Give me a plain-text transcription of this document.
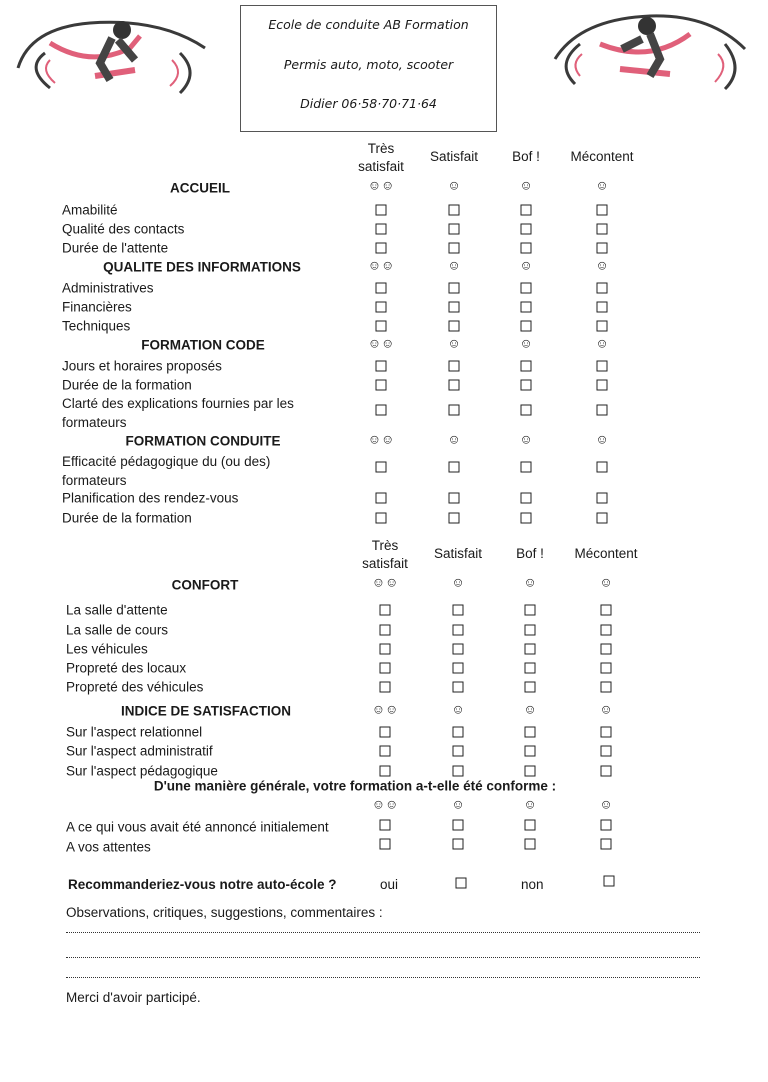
Ecole de conduite AB Formation
Permis auto, moto, scooter
Didier 06·58·70·71·64
Très
satisfait
Satisfait	Bof ! Mécontent
Très
satisfait
Satisfait	Bof ! Mécontent
ACCUEIL	☺☺	☺	☺	☺
Amabilité
Qualité des contacts
Durée de l'attente
QUALITE DES INFORMATIONS	☺☺	☺	☺	☺
Administratives
Financières
Techniques
FORMATION CODE	☺☺	☺	☺	☺
Jours et horaires proposés
Durée de la formation
Clarté des explications fournies par les formateurs
FORMATION CONDUITE	☺☺	☺	☺	☺
Efficacité pédagogique du (ou des) formateurs
Planification des rendez-vous
Durée de la formation
CONFORT	☺☺	☺	☺	☺
La salle d'attente
La salle de cours
Les véhicules
Propreté des locaux
Propreté des véhicules
INDICE DE SATISFACTION	☺☺	☺	☺	☺
Sur l'aspect relationnel
Sur l'aspect administratif
Sur l'aspect pédagogique
D'une manière générale, votre formation a-t-elle été conforme :
☺☺	☺	☺	☺
A ce qui vous avait été annoncé initialement
A vos attentes
Recommanderiez-vous notre auto-école ?	oui	non
Observations, critiques, suggestions, commentaires :
Merci d'avoir participé.
